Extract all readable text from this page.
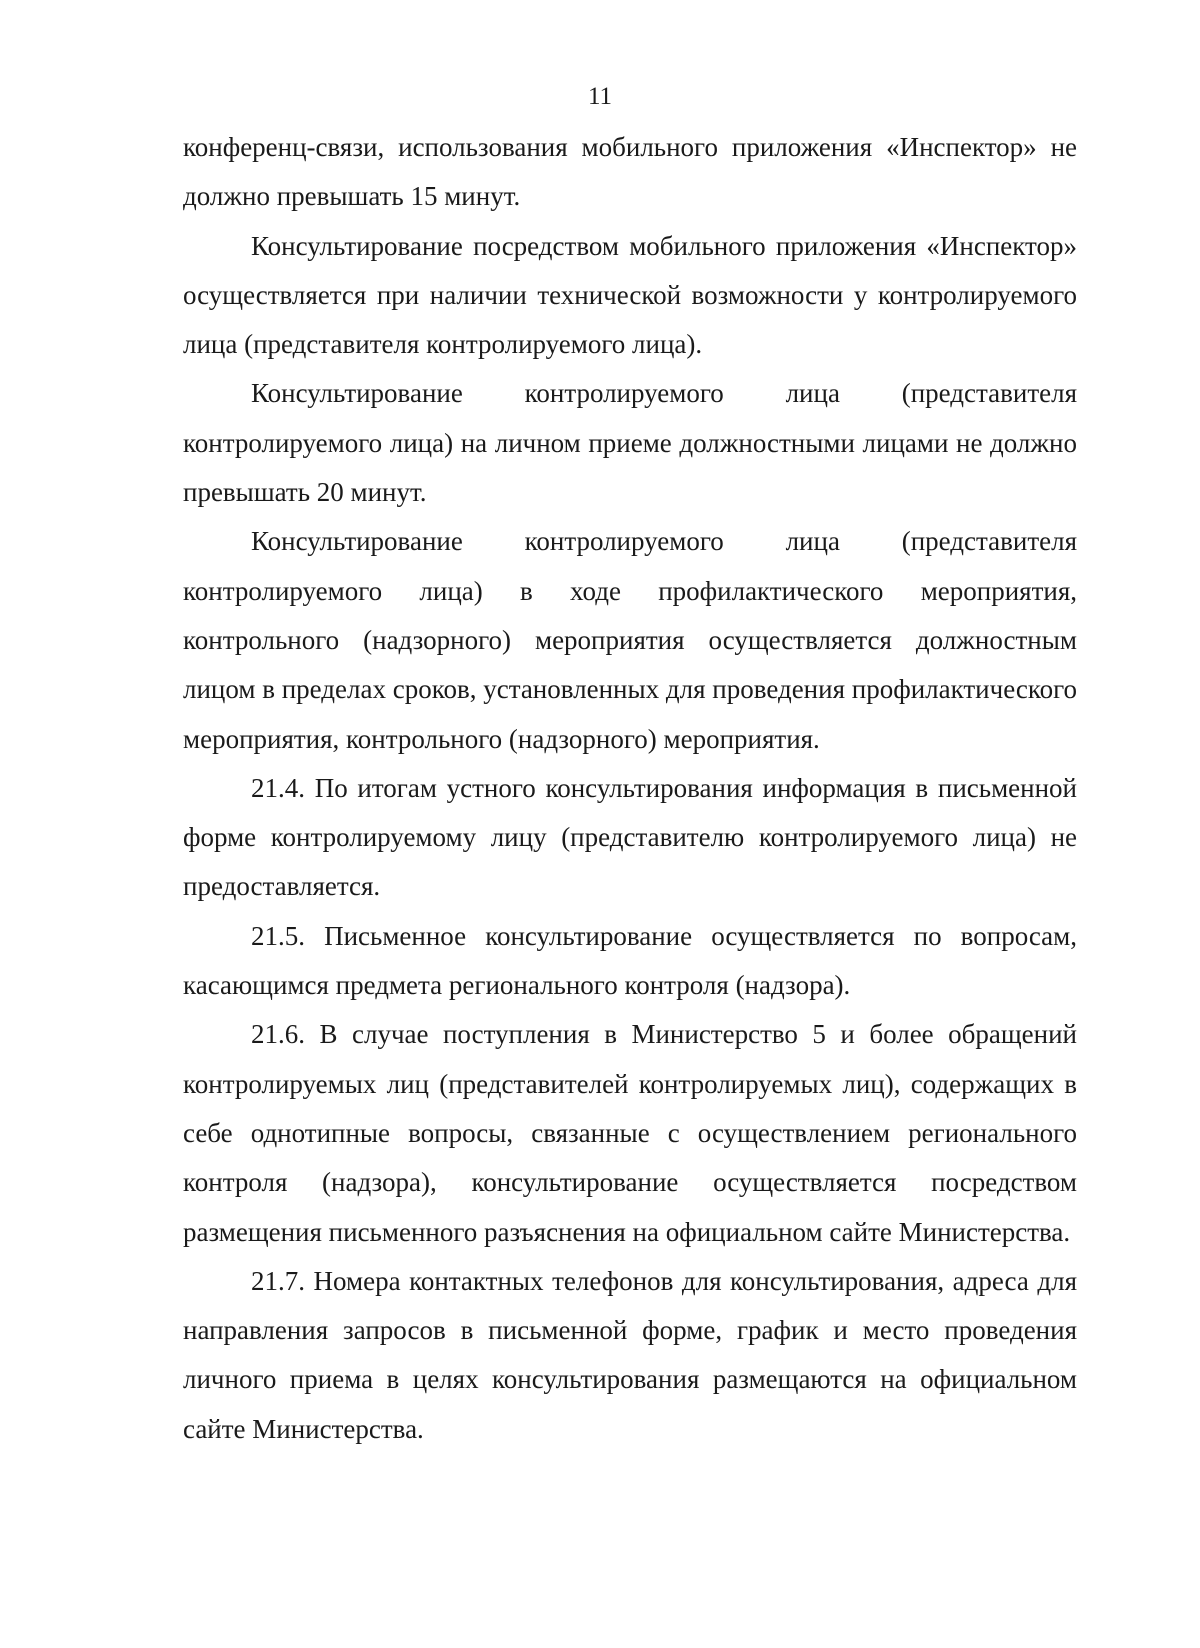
11

конференц-связи, использования мобильного приложения «Инспектор» не должно превышать 15 минут.

Консультирование посредством мобильного приложения «Инспектор» осуществляется при наличии технической возможности у контролируемого лица (представителя контролируемого лица).

Консультирование контролируемого лица (представителя контролируемого лица) на личном приеме должностными лицами не должно превышать 20 минут.

Консультирование контролируемого лица (представителя контролируемого лица) в ходе профилактического мероприятия, контрольного (надзорного) мероприятия осуществляется должностным лицом в пределах сроков, установленных для проведения профилактического мероприятия, контрольного (надзорного) мероприятия.

21.4. По итогам устного консультирования информация в письменной форме контролируемому лицу (представителю контролируемого лица) не предоставляется.

21.5. Письменное консультирование осуществляется по вопросам, касающимся предмета регионального контроля (надзора).

21.6. В случае поступления в Министерство 5 и более обращений контролируемых лиц (представителей контролируемых лиц), содержащих в себе однотипные вопросы, связанные с осуществлением регионального контроля (надзора), консультирование осуществляется посредством размещения письменного разъяснения на официальном сайте Министерства.

21.7. Номера контактных телефонов для консультирования, адреса для направления запросов в письменной форме, график и место проведения личного приема в целях консультирования размещаются на официальном сайте Министерства.
